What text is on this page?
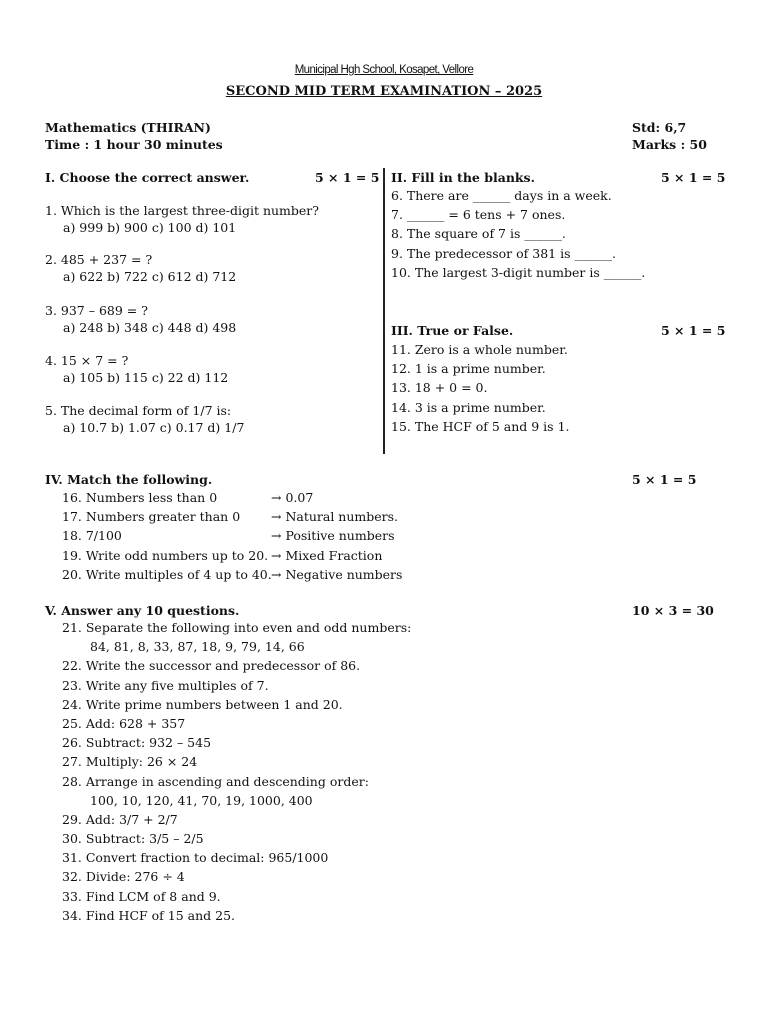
Municipal Hgh School, Kosapet, Vellore
SECOND MID TERM EXAMINATION – 2025
Mathematics (THIRAN)
Time : 1 hour 30 minutes
Std: 6,7
Marks : 50
I. Choose the correct answer.	5 × 1 = 5
1. Which is the largest three-digit number?
a) 999 b) 900 c) 100 d) 101
2. 485 + 237 = ?
a) 622 b) 722 c) 612 d) 712
3. 937 – 689 = ?
a) 248 b) 348 c) 448 d) 498
4. 15 × 7 = ?
a) 105 b) 115 c) 22 d) 112
5. The decimal form of 1/7 is:
a) 10.7 b) 1.07 c) 0.17 d) 1/7
II. Fill in the blanks.	5 × 1 = 5
6. There are ______ days in a week.
7. ______ = 6 tens + 7 ones.
8. The square of 7 is ______.
9. The predecessor of 381 is ______.
10. The largest 3-digit number is ______.
III. True or False.	5 × 1 = 5
11. Zero is a whole number.
12. 1 is a prime number.
13. 18 + 0 = 0.
14. 3 is a prime number.
15. The HCF of 5 and 9 is 1.
IV. Match the following.	5 × 1 = 5
16. Numbers less than 0	→ 0.07
17. Numbers greater than 0 → Natural numbers.
18. 7/100	→ Positive numbers
19. Write odd numbers up to 20. → Mixed Fraction
20. Write multiples of 4 up to 40. → Negative numbers
V. Answer any 10 questions.	10 × 3 = 30
21. Separate the following into even and odd numbers:
84, 81, 8, 33, 87, 18, 9, 79, 14, 66
22. Write the successor and predecessor of 86.
23. Write any five multiples of 7.
24. Write prime numbers between 1 and 20.
25. Add: 628 + 357
26. Subtract: 932 – 545
27. Multiply: 26 × 24
28. Arrange in ascending and descending order:
100, 10, 120, 41, 70, 19, 1000, 400
29. Add: 3/7 + 2/7
30. Subtract: 3/5 – 2/5
31. Convert fraction to decimal: 965/1000
32. Divide: 276 ÷ 4
33. Find LCM of 8 and 9.
34. Find HCF of 15 and 25.
